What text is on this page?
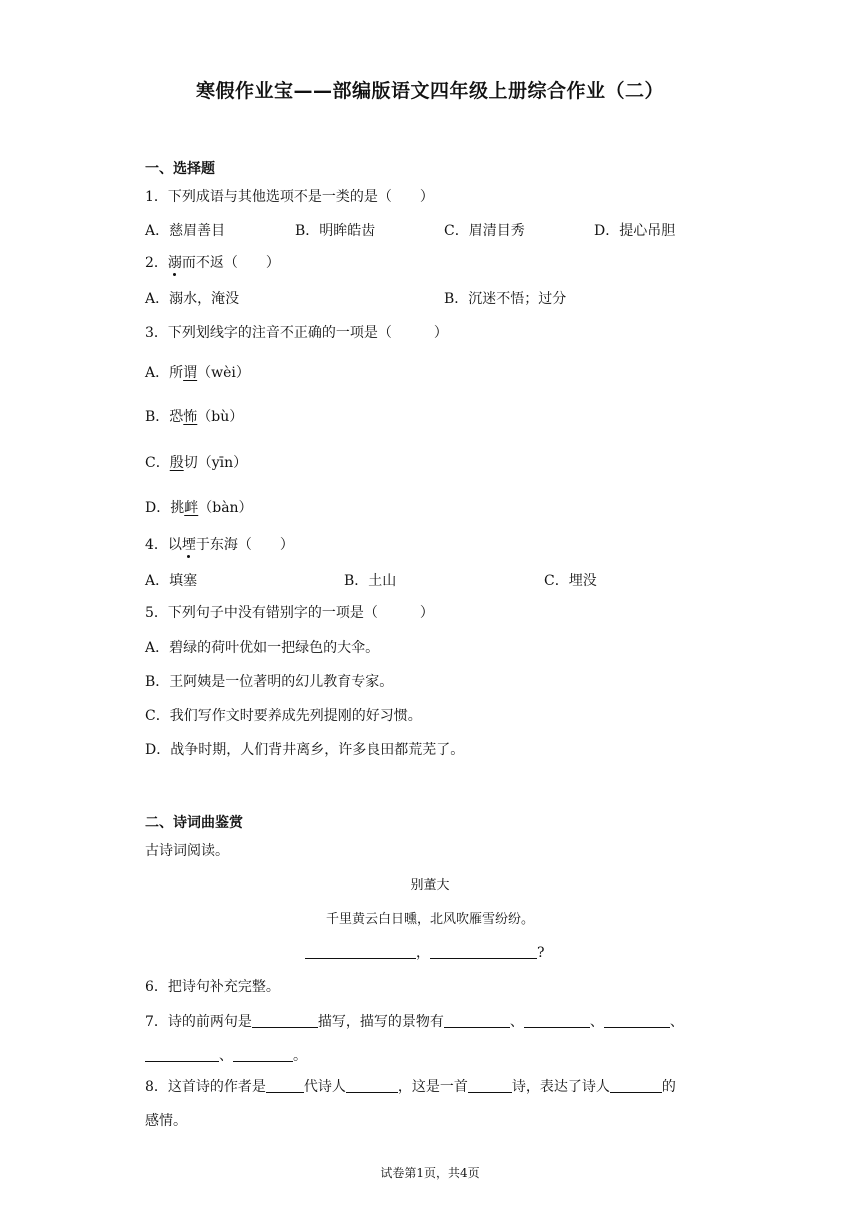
寒假作业宝——部编版语文四年级上册综合作业（二）
一、选择题
1．下列成语与其他选项不是一类的是（　　）
A．慈眉善目	B．明眸皓齿	C．眉清目秀	D．提心吊胆
2．溺而不返（　　）
A．溺水，淹没	B．沉迷不悟；过分
3．下列划线字的注音不正确的一项是（　　　）
A．所谓（wèi）
B．恐怖（bù）
C．殷切（yīn）
D．挑衅（bàn）
4．以堙于东海（　　）
A．填塞	B．土山	C．埋没
5．下列句子中没有错别字的一项是（　　　）
A．碧绿的荷叶优如一把绿色的大伞。
B．王阿姨是一位著明的幻儿教育专家。
C．我们写作文时要养成先列提刚的好习惯。
D．战争时期，人们背井离乡，许多良田都荒芜了。
二、诗词曲鉴赏
古诗词阅读。
别董大
千里黄云白日曛，北风吹雁雪纷纷。
，	?
6．把诗句补充完整。
7．诗的前两句是	描写，描写的景物有	、	、	、
、	。
8．这首诗的作者是	代诗人	，这是一首	诗，表达了诗人	的
感情。
试卷第1页，共4页
